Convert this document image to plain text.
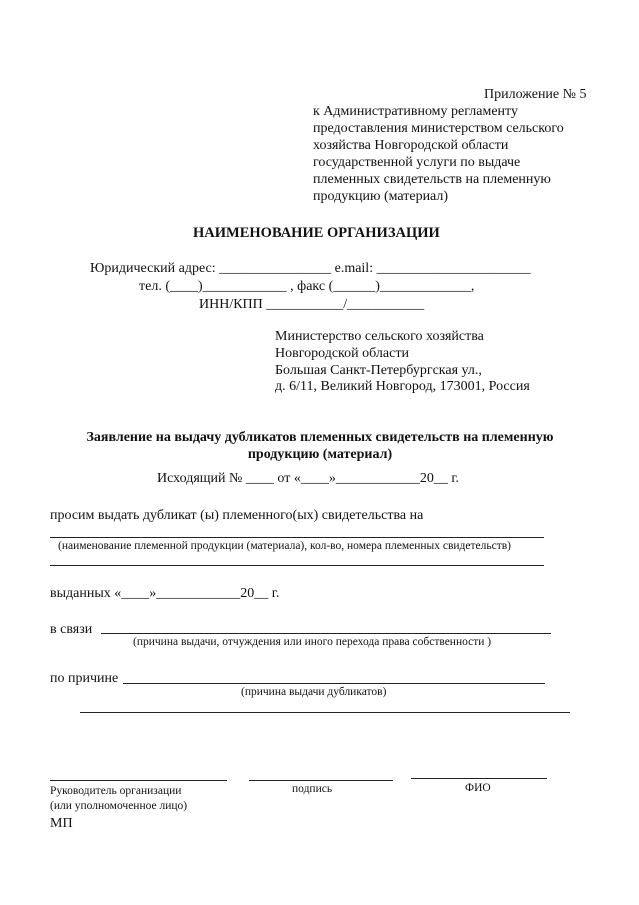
Приложение № 5
к Административному регламенту
предоставления министерством сельского
хозяйства Новгородской области
государственной услуги по выдаче
племенных свидетельств на племенную
продукцию (материал)
НАИМЕНОВАНИЕ ОРГАНИЗАЦИИ
Юридический адрес: ________________ e.mail: ______________________
тел. (____)____________ , факс (______)_____________,
ИНН/КПП ___________/___________
Министерство сельского хозяйства
Новгородской области
Большая Санкт-Петербургская ул.,
д. 6/11, Великий Новгород, 173001, Россия
Заявление на выдачу дубликатов племенных свидетельств на племенную
продукцию (материал)
Исходящий № ____ от «____»____________20__ г.
просим выдать дубликат (ы) племенного(ых) свидетельства на
(наименование племенной продукции (материала), кол-во, номера племенных свидетельств)
выданных «____»____________20__ г.
в связи
(причина выдачи, отчуждения или иного перехода права собственности )
по причине
(причина выдачи дубликатов)
Руководитель организации
(или уполномоченное лицо)
подпись	ФИО
МП
